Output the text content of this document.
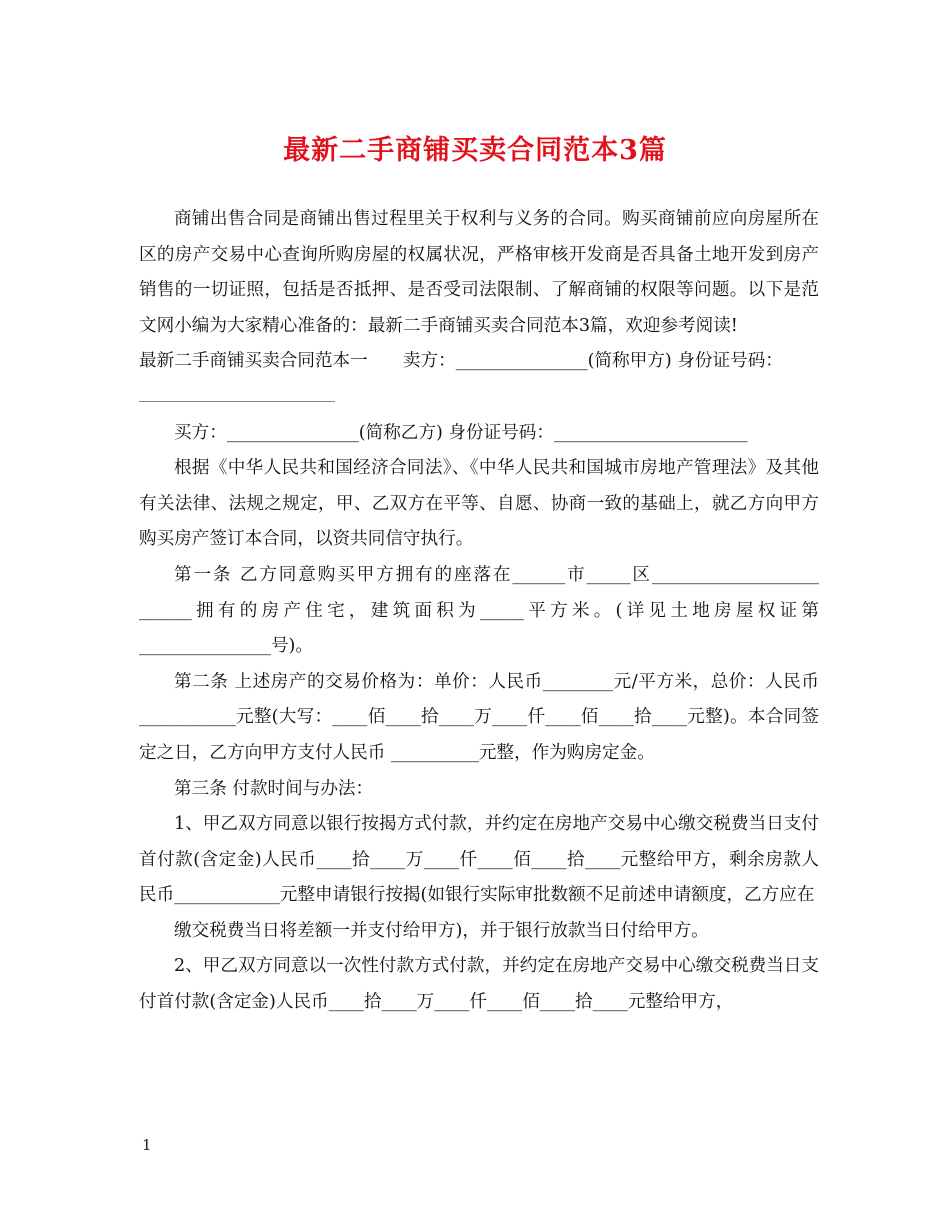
最新二手商铺买卖合同范本3篇

商铺出售合同是商铺出售过程里关于权利与义务的合同。购买商铺前应向房屋所在区的房产交易中心查询所购房屋的权属状况，严格审核开发商是否具备土地开发到房产销售的一切证照，包括是否抵押、是否受司法限制、了解商铺的权限等问题。以下是范文网小编为大家精心准备的：最新二手商铺买卖合同范本3篇，欢迎参考阅读!

最新二手商铺买卖合同范本一　　卖方：_______________(简称甲方) 身份证号码：

买方：_______________(简称乙方) 身份证号码：______________________

根据《中华人民共和国经济合同法》、《中华人民共和国城市房地产管理法》及其他有关法律、法规之规定，甲、乙双方在平等、自愿、协商一致的基础上，就乙方向甲方购买房产签订本合同，以资共同信守执行。

第一条 乙方同意购买甲方拥有的座落在______市_____区___________________ ______拥有的房产住宅，建筑面积为_____平方米。(详见土地房屋权证第_______________号)。

第二条 上述房产的交易价格为：单价：人民币________元/平方米，总价：人民币___________元整(大写：____佰____拾____万____仟____佰____拾____元整)。本合同签定之日，乙方向甲方支付人民币 __________元整，作为购房定金。

第三条 付款时间与办法：

1、甲乙双方同意以银行按揭方式付款，并约定在房地产交易中心缴交税费当日支付首付款(含定金)人民币____拾____万____仟____佰____拾____元整给甲方，剩余房款人民币____________元整申请银行按揭(如银行实际审批数额不足前述申请额度，乙方应在

缴交税费当日将差额一并支付给甲方)，并于银行放款当日付给甲方。

2、甲乙双方同意以一次性付款方式付款，并约定在房地产交易中心缴交税费当日支付首付款(含定金)人民币____拾____万____仟____佰____拾____元整给甲方，

1
